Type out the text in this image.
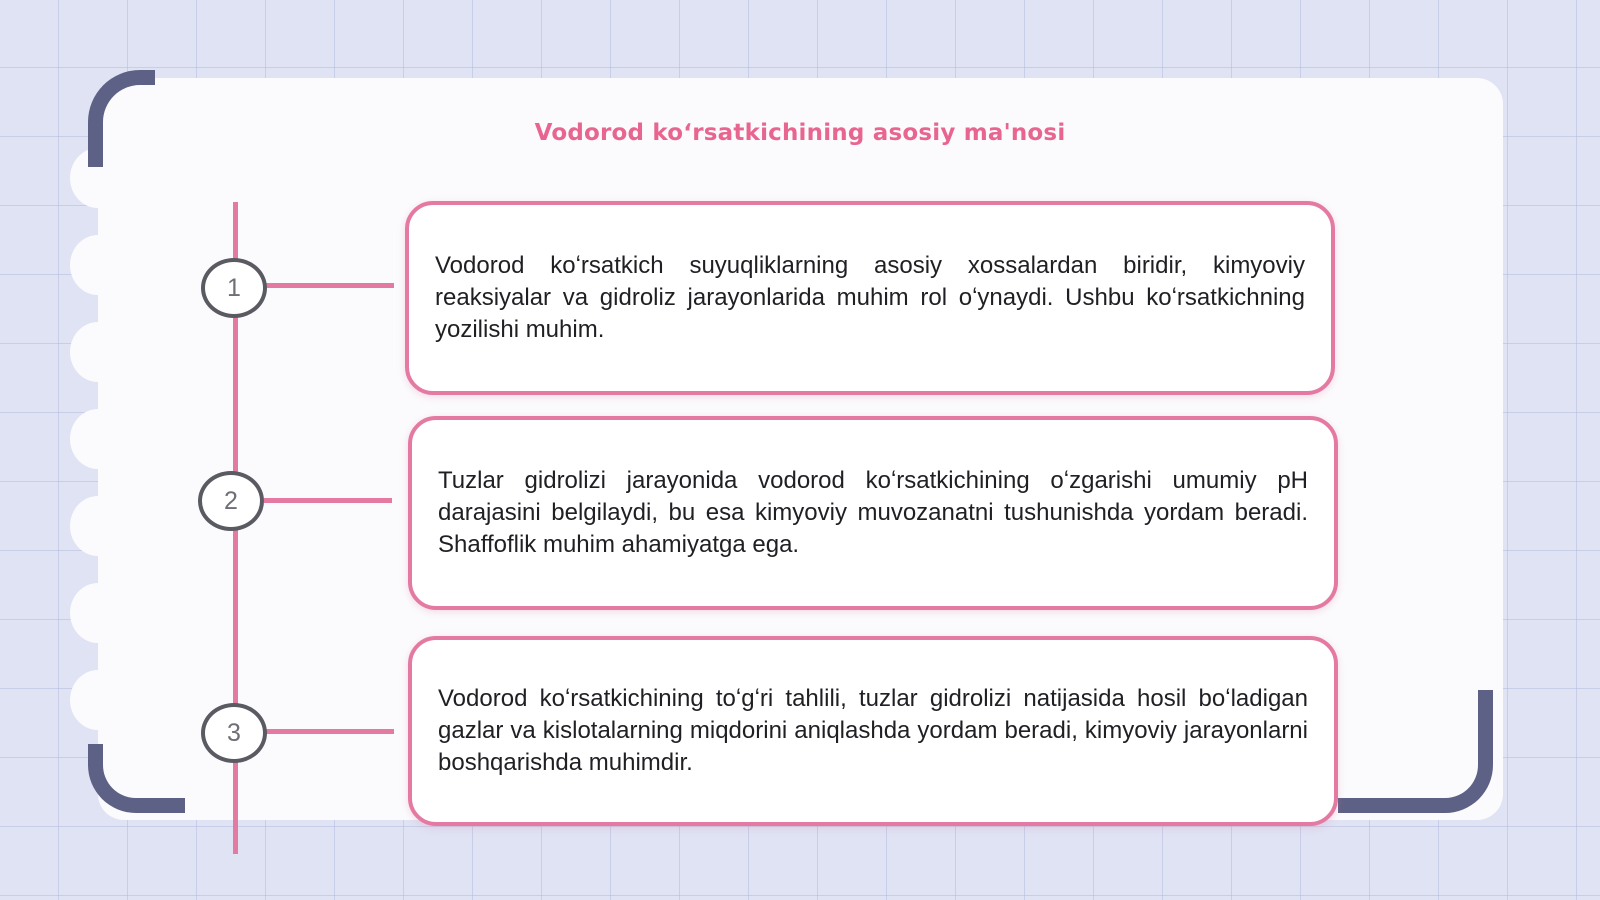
Vodorod koʻrsatkichining asosiy ma'nosi
1

Vodorod koʻrsatkich suyuqliklarning asosiy xossalardan biridir, kimyoviy reaksiyalar va gidroliz jarayonlarida muhim rol oʻynaydi. Ushbu koʻrsatkichning yozilishi muhim.

2

Tuzlar gidrolizi jarayonida vodorod koʻrsatkichining oʻzgarishi umumiy pH darajasini belgilaydi, bu esa kimyoviy muvozanatni tushunishda yordam beradi. Shaffoflik muhim ahamiyatga ega.

3

Vodorod koʻrsatkichining toʻgʻri tahlili, tuzlar gidrolizi natijasida hosil boʻladigan gazlar va kislotalarning miqdorini aniqlashda yordam beradi, kimyoviy jarayonlarni boshqarishda muhimdir.
